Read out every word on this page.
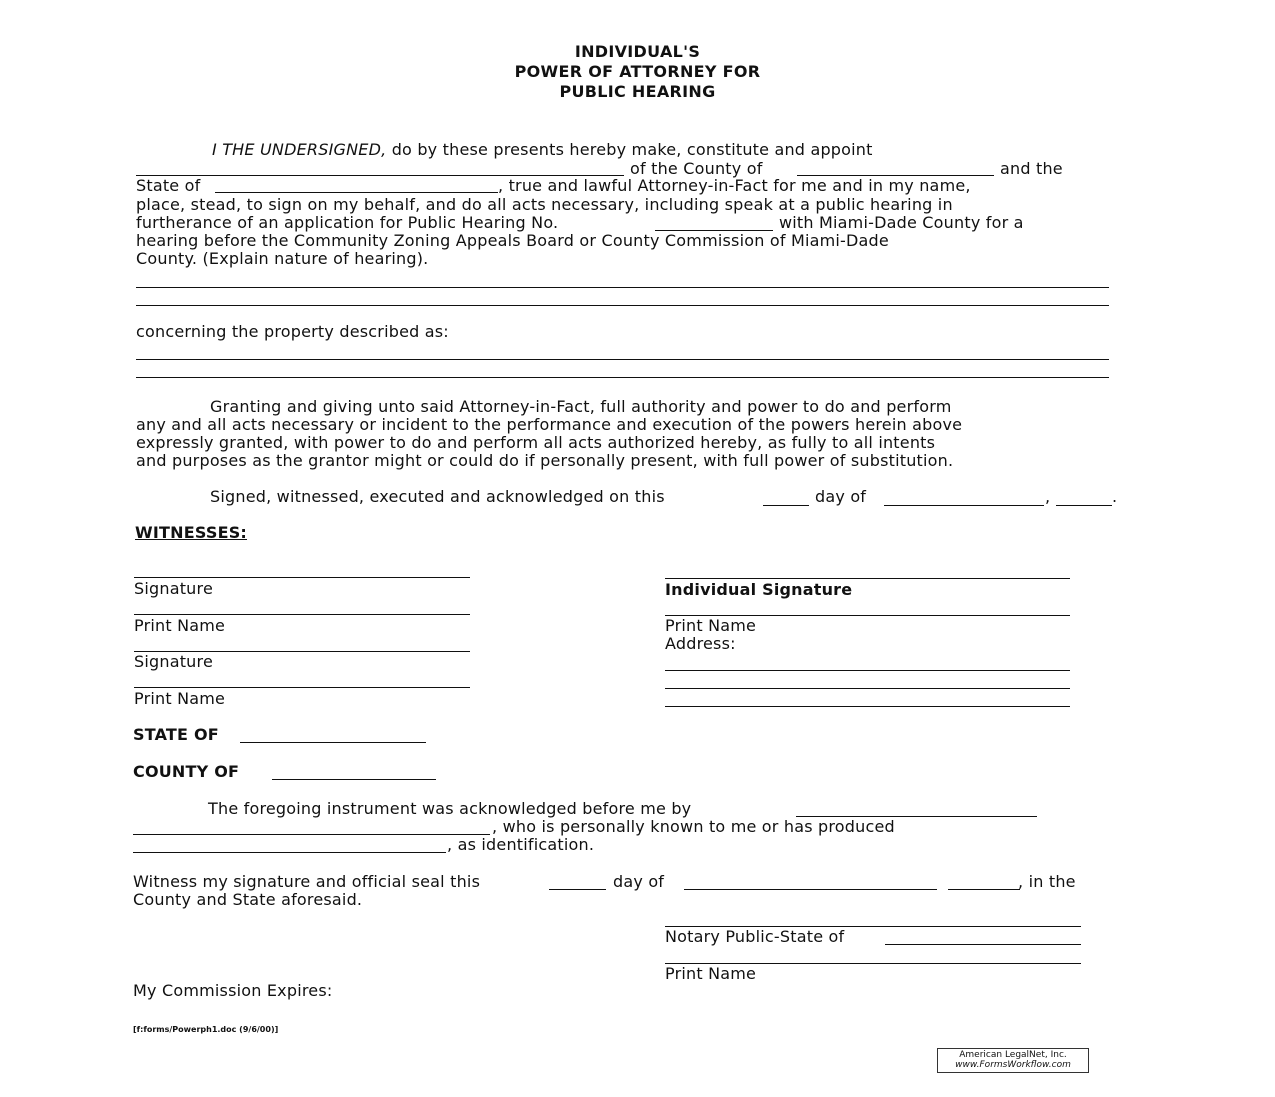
INDIVIDUAL'S
POWER OF ATTORNEY FOR
PUBLIC HEARING
I THE UNDERSIGNED, do by these presents hereby make, constitute and appoint
of the County of	and the
State of	, true and lawful Attorney-in-Fact for me and in my name,
place, stead, to sign on my behalf, and do all acts necessary, including speak at a public hearing in
furtherance of an application for Public Hearing No.	with Miami-Dade County for a
hearing before the Community Zoning Appeals Board or County Commission of Miami-Dade
County. (Explain nature of hearing).
concerning the property described as:
Granting and giving unto said Attorney-in-Fact, full authority and power to do and perform
any and all acts necessary or incident to the performance and execution of the powers herein above
expressly granted, with power to do and perform all acts authorized hereby, as fully to all intents
and purposes as the grantor might or could do if personally present, with full power of substitution.
Signed, witnessed, executed and acknowledged on this	day of	,	.
WITNESSES:
Signature
Print Name
Signature
Print Name
Individual Signature
Print Name
Address:
STATE OF
COUNTY OF
The foregoing instrument was acknowledged before me by
, who is personally known to me or has produced
, as identification.
Witness my signature and official seal this	day of	, in the
County and State aforesaid.
Notary Public-State of
Print Name
My Commission Expires:
[f:forms/Powerph1.doc (9/6/00)]
American LegalNet, Inc.
www.FormsWorkflow.com
